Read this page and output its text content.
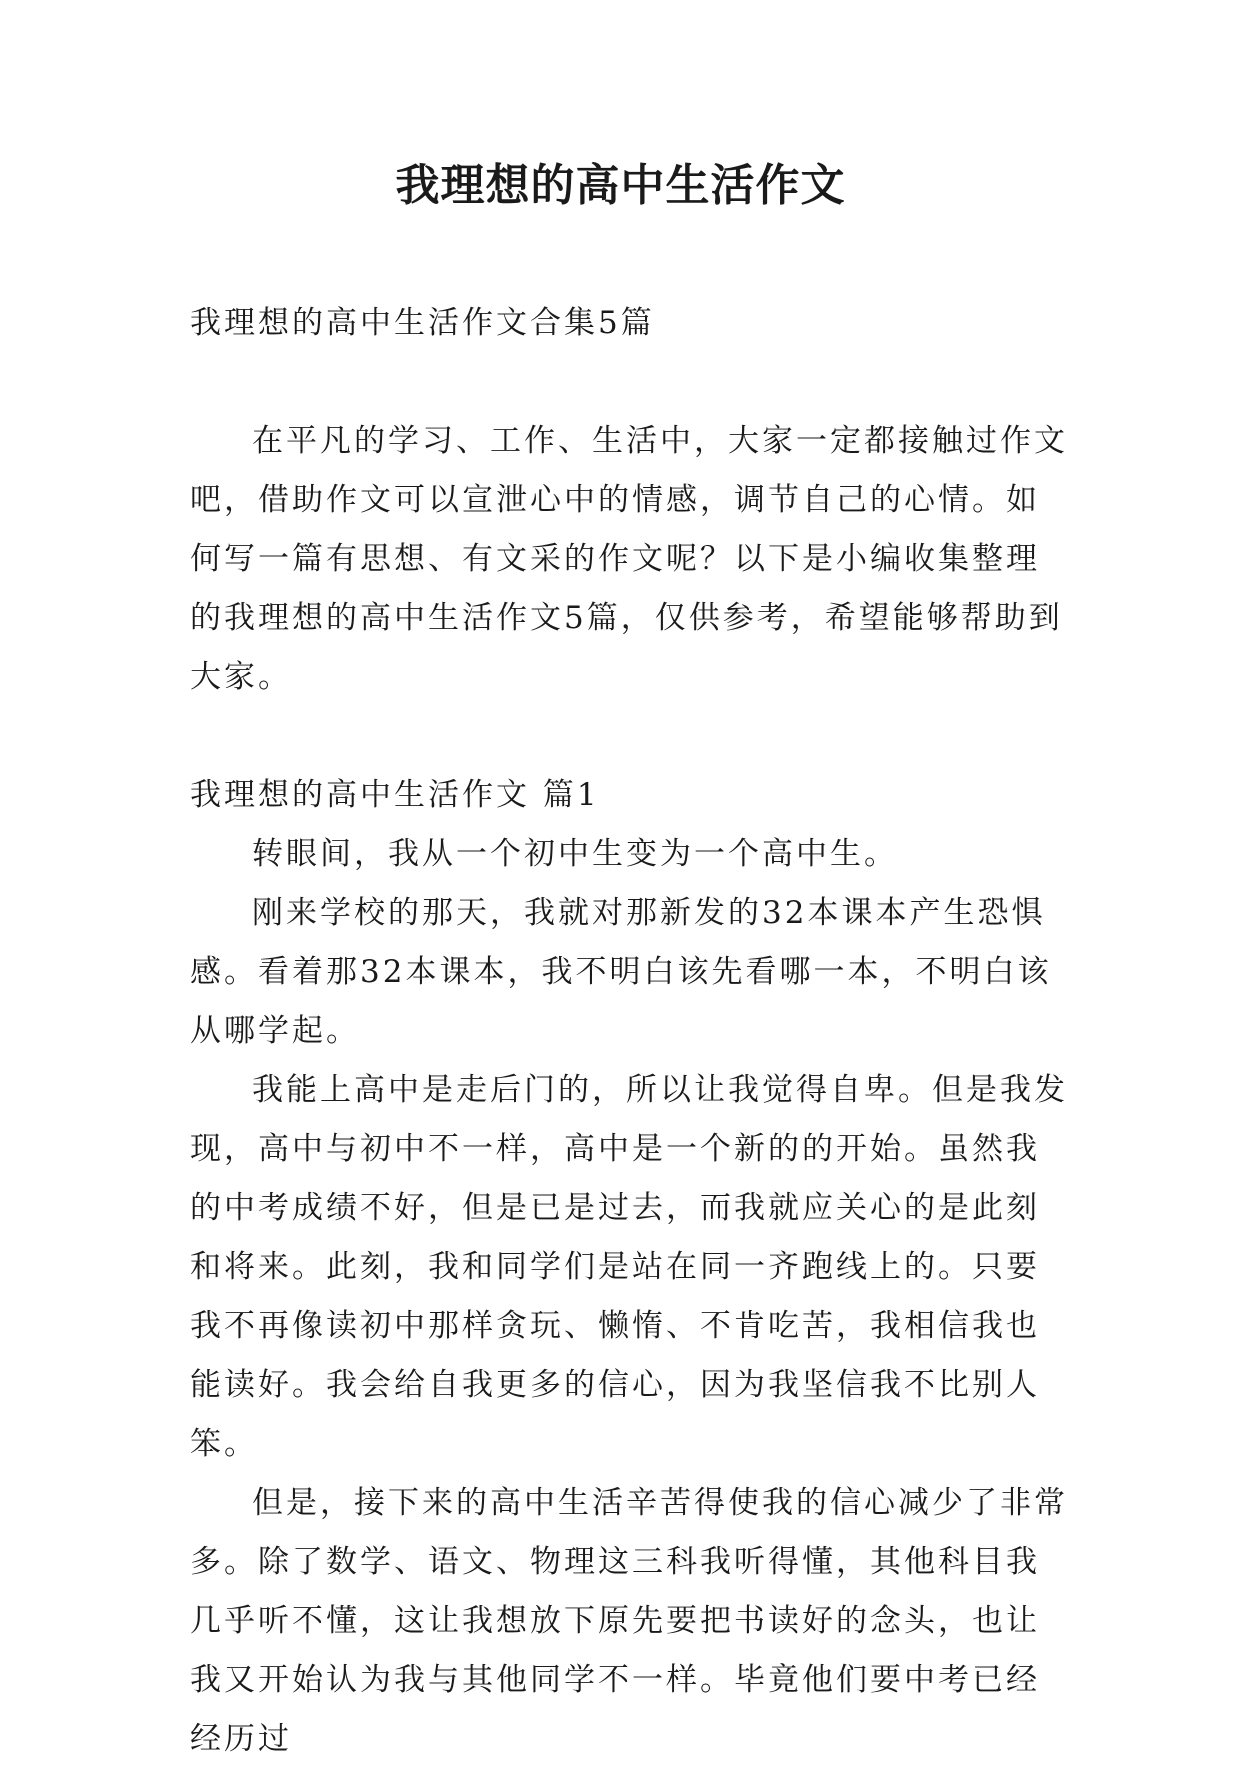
我理想的高中生活作文

我理想的高中生活作文合集5篇

在平凡的学习、工作、生活中，大家一定都接触过作文吧，借助作文可以宣泄心中的情感，调节自己的心情。如何写一篇有思想、有文采的作文呢？以下是小编收集整理的我理想的高中生活作文5篇，仅供参考，希望能够帮助到大家。

我理想的高中生活作文 篇1

转眼间，我从一个初中生变为一个高中生。

刚来学校的那天，我就对那新发的32本课本产生恐惧感。看着那32本课本，我不明白该先看哪一本，不明白该从哪学起。

我能上高中是走后门的，所以让我觉得自卑。但是我发现，高中与初中不一样，高中是一个新的的开始。虽然我的中考成绩不好，但是已是过去，而我就应关心的是此刻和将来。此刻，我和同学们是站在同一齐跑线上的。只要我不再像读初中那样贪玩、懒惰、不肯吃苦，我相信我也能读好。我会给自我更多的信心，因为我坚信我不比别人笨。

但是，接下来的高中生活辛苦得使我的信心减少了非常多。除了数学、语文、物理这三科我听得懂，其他科目我几乎听不懂，这让我想放下原先要把书读好的念头，也让我又开始认为我与其他同学不一样。毕竟他们要中考已经经历过
